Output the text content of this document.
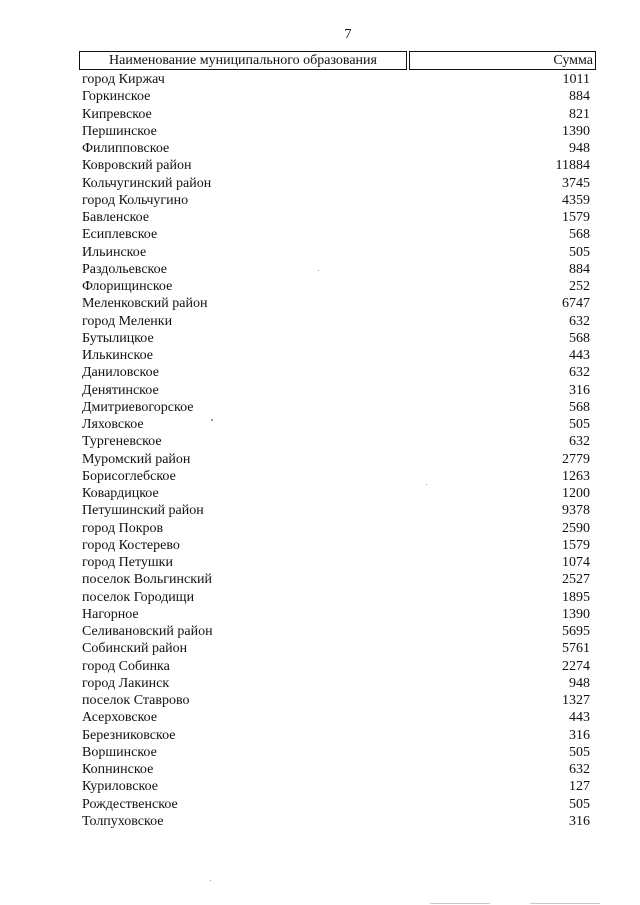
7
Наименование муниципального образования	Сумма
город Киржач	1011
Горкинское	884
Кипревское	821
Першинское	1390
Филипповское	948
Ковровский район	11884
Кольчугинский район	3745
город Кольчугино	4359
Бавленское	1579
Есиплевское	568
Ильинское	505
Раздольевское	884
Флорищинское	252
Меленковский район	6747
город Меленки	632
Бутылицкое	568
Илькинское	443
Даниловское	632
Денятинское	316
Дмитриевогорское	568
Ляховское	505
Тургеневское	632
Муромский район	2779
Борисоглебское	1263
Ковардицкое	1200
Петушинский район	9378
город Покров	2590
город Костерево	1579
город Петушки	1074
поселок Вольгинский	2527
поселок Городищи	1895
Нагорное	1390
Селивановский район	5695
Собинский район	5761
город Собинка	2274
город Лакинск	948
поселок Ставрово	1327
Асерховское	443
Березниковское	316
Воршинское	505
Копнинское	632
Куриловское	127
Рождественское	505
Толпуховское	316
